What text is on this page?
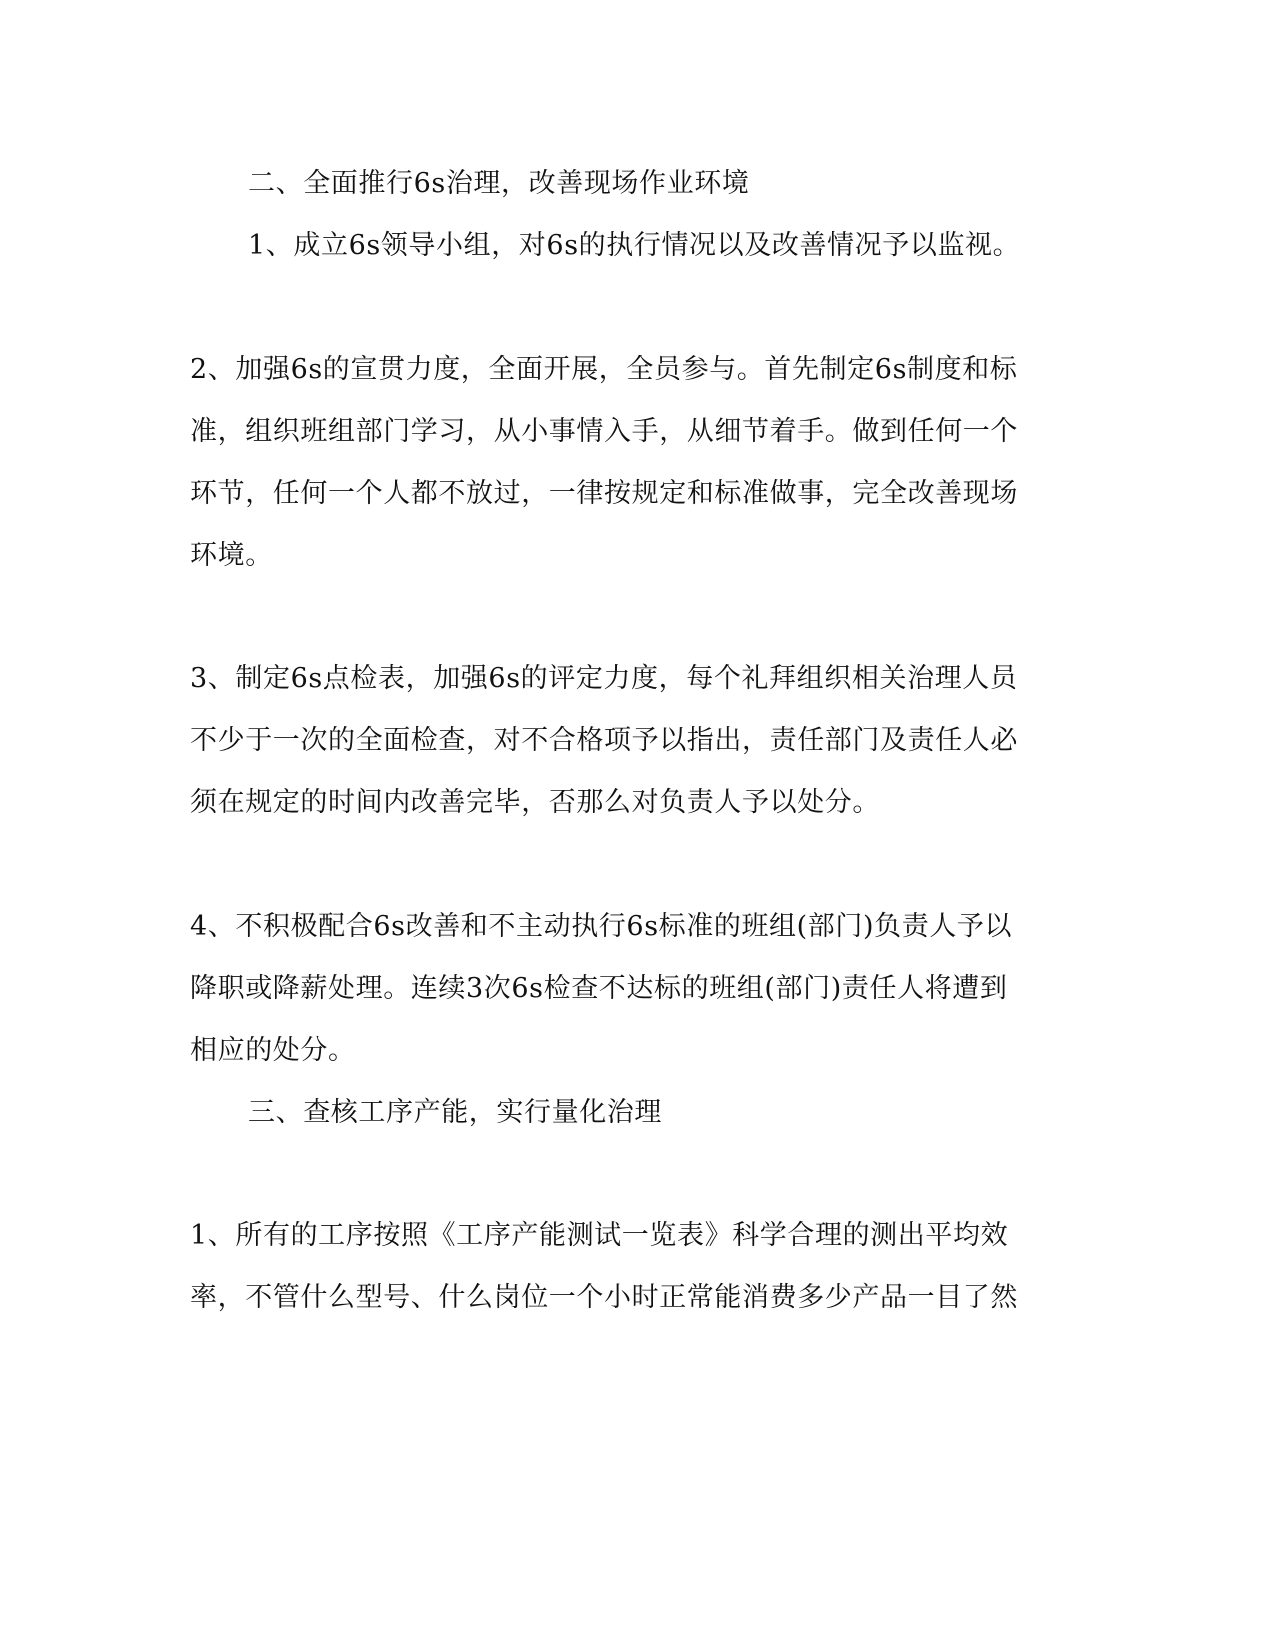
二、全面推行6s治理，改善现场作业环境
1、成立6s领导小组，对6s的执行情况以及改善情况予以监视。
2、加强6s的宣贯力度，全面开展，全员参与。首先制定6s制度和标
准，组织班组部门学习，从小事情入手，从细节着手。做到任何一个
环节，任何一个人都不放过，一律按规定和标准做事，完全改善现场
环境。
3、制定6s点检表，加强6s的评定力度，每个礼拜组织相关治理人员
不少于一次的全面检查，对不合格项予以指出，责任部门及责任人必
须在规定的时间内改善完毕，否那么对负责人予以处分。
4、不积极配合6s改善和不主动执行6s标准的班组(部门)负责人予以
降职或降薪处理。连续3次6s检查不达标的班组(部门)责任人将遭到
相应的处分。
三、查核工序产能，实行量化治理
1、所有的工序按照《工序产能测试一览表》科学合理的测出平均效
率，不管什么型号、什么岗位一个小时正常能消费多少产品一目了然
